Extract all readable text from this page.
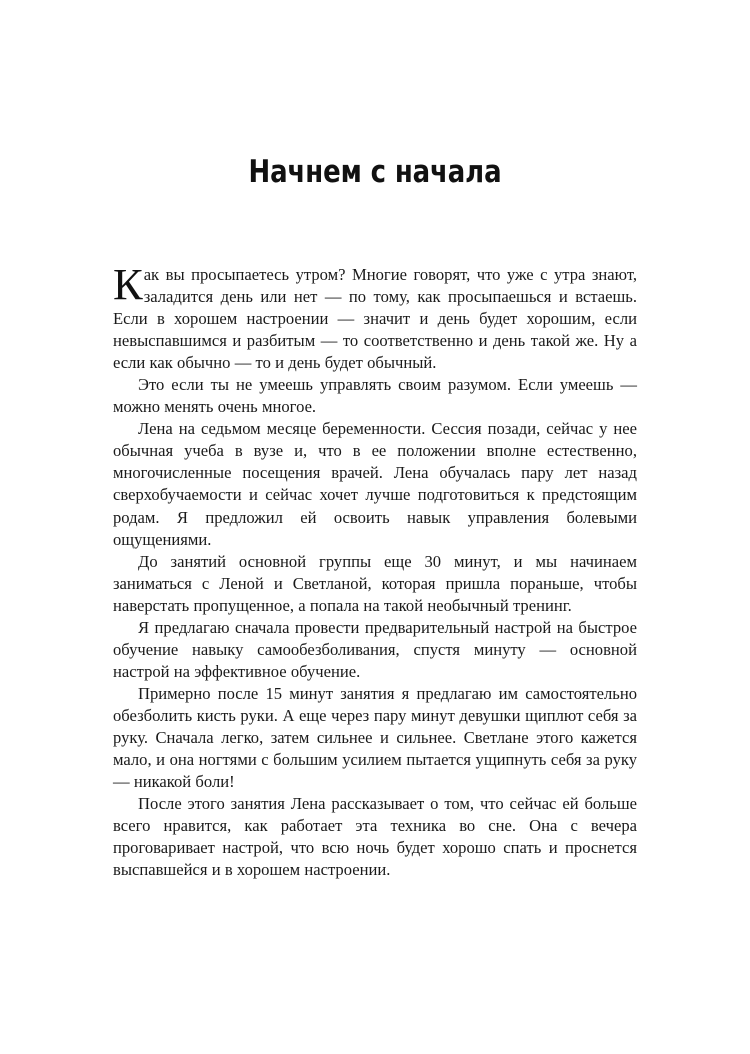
Начнем с начала

Как вы просыпаетесь утром? Многие говорят, что уже с утра знают, заладится день или нет — по тому, как просыпаешься и встаешь. Если в хорошем настроении — значит и день будет хорошим, если невыспавшимся и разбитым — то соответственно и день такой же. Ну а если как обычно — то и день будет обычный.

Это если ты не умеешь управлять своим разумом. Если умеешь — можно менять очень многое.

Лена на седьмом месяце беременности. Сессия позади, сейчас у нее обычная учеба в вузе и, что в ее положении вполне естественно, многочисленные посещения врачей. Лена обучалась пару лет назад сверхобучаемости и сейчас хочет лучше подготовиться к предстоящим родам. Я предложил ей освоить навык управления болевыми ощущениями.

До занятий основной группы еще 30 минут, и мы начинаем заниматься с Леной и Светланой, которая пришла пораньше, чтобы наверстать пропущенное, а попала на такой необычный тренинг.

Я предлагаю сначала провести предварительный настрой на быстрое обучение навыку самообезболивания, спустя минуту — основной настрой на эффективное обучение.

Примерно после 15 минут занятия я предлагаю им самостоятельно обезболить кисть руки. А еще через пару минут девушки щиплют себя за руку. Сначала легко, затем сильнее и сильнее. Светлане этого кажется мало, и она ногтями с большим усилием пытается ущипнуть себя за руку — никакой боли!

После этого занятия Лена рассказывает о том, что сейчас ей больше всего нравится, как работает эта техника во сне. Она с вечера проговаривает настрой, что всю ночь будет хорошо спать и проснется выспавшейся и в хорошем настроении.
